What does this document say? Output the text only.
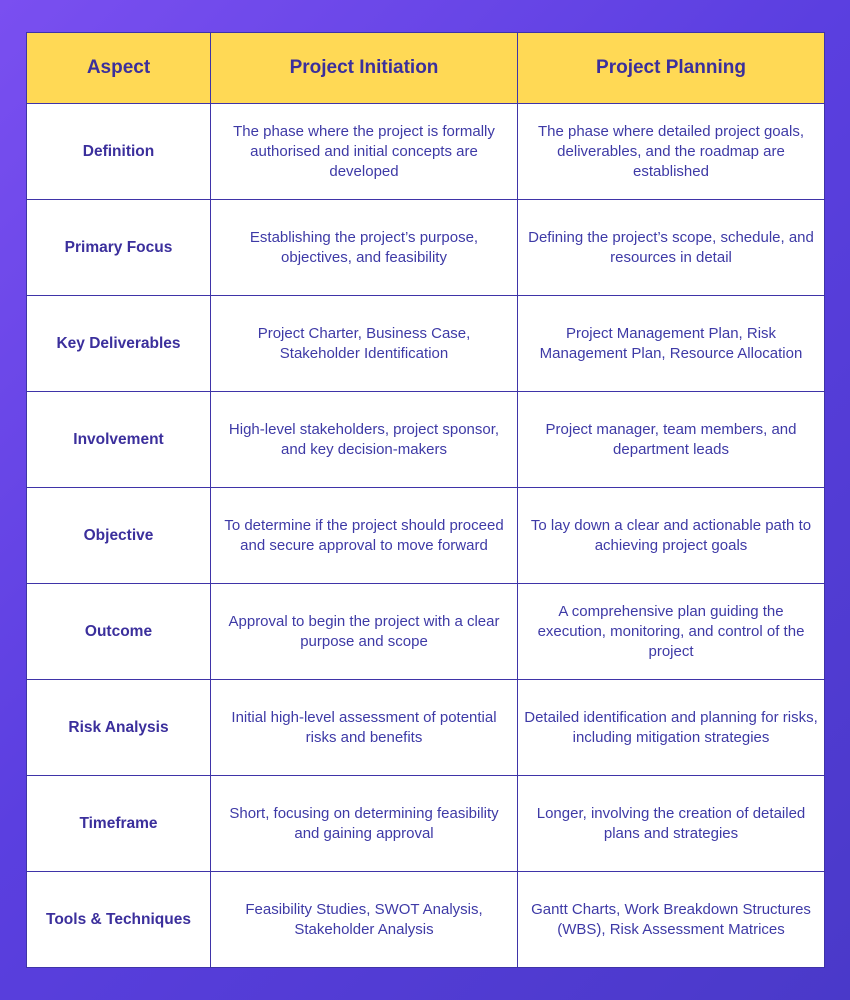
Aspect	Project Initiation	Project Planning
Definition	The phase where the project is formally authorised and initial concepts are developed	The phase where detailed project goals, deliverables, and the roadmap are established
Primary Focus	Establishing the project’s purpose, objectives, and feasibility	Defining the project’s scope, schedule, and resources in detail
Key Deliverables	Project Charter, Business Case, Stakeholder Identification	Project Management Plan, Risk Management Plan, Resource Allocation
Involvement	High-level stakeholders, project sponsor, and key decision-makers	Project manager, team members, and department leads
Objective	To determine if the project should proceed and secure approval to move forward	To lay down a clear and actionable path to achieving project goals
Outcome	Approval to begin the project with a clear purpose and scope	A comprehensive plan guiding the execution, monitoring, and control of the project
Risk Analysis	Initial high-level assessment of potential risks and benefits	Detailed identification and planning for risks, including mitigation strategies
Timeframe	Short, focusing on determining feasibility and gaining approval	Longer, involving the creation of detailed plans and strategies
Tools & Techniques	Feasibility Studies, SWOT Analysis, Stakeholder Analysis	Gantt Charts, Work Breakdown Structures (WBS), Risk Assessment Matrices
